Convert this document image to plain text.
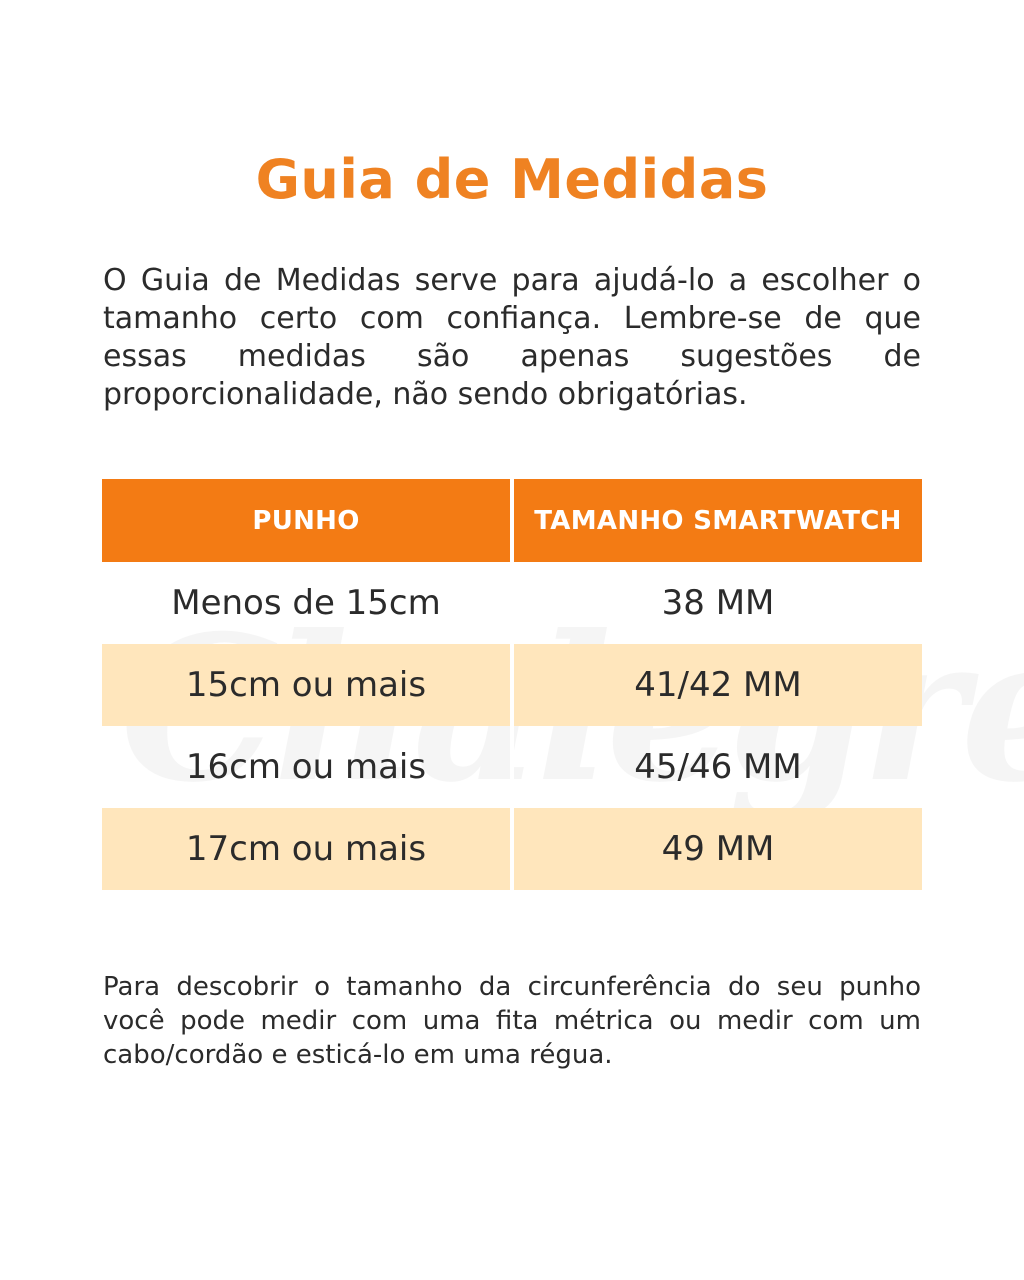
Guia de Medidas
O Guia de Medidas serve para ajudá-lo a escolher o tamanho certo com confiança. Lembre-se de que essas medidas são apenas sugestões de proporcionalidade, não sendo obrigatórias.
PUNHO	TAMANHO SMARTWATCH
Menos de 15cm	38 MM
15cm ou mais	41/42 MM
16cm ou mais	45/46 MM
17cm ou mais	49 MM
Para descobrir o tamanho da circunferência do seu punho você pode medir com uma fita métrica ou medir com um cabo/cordão e esticá-lo em uma régua.
